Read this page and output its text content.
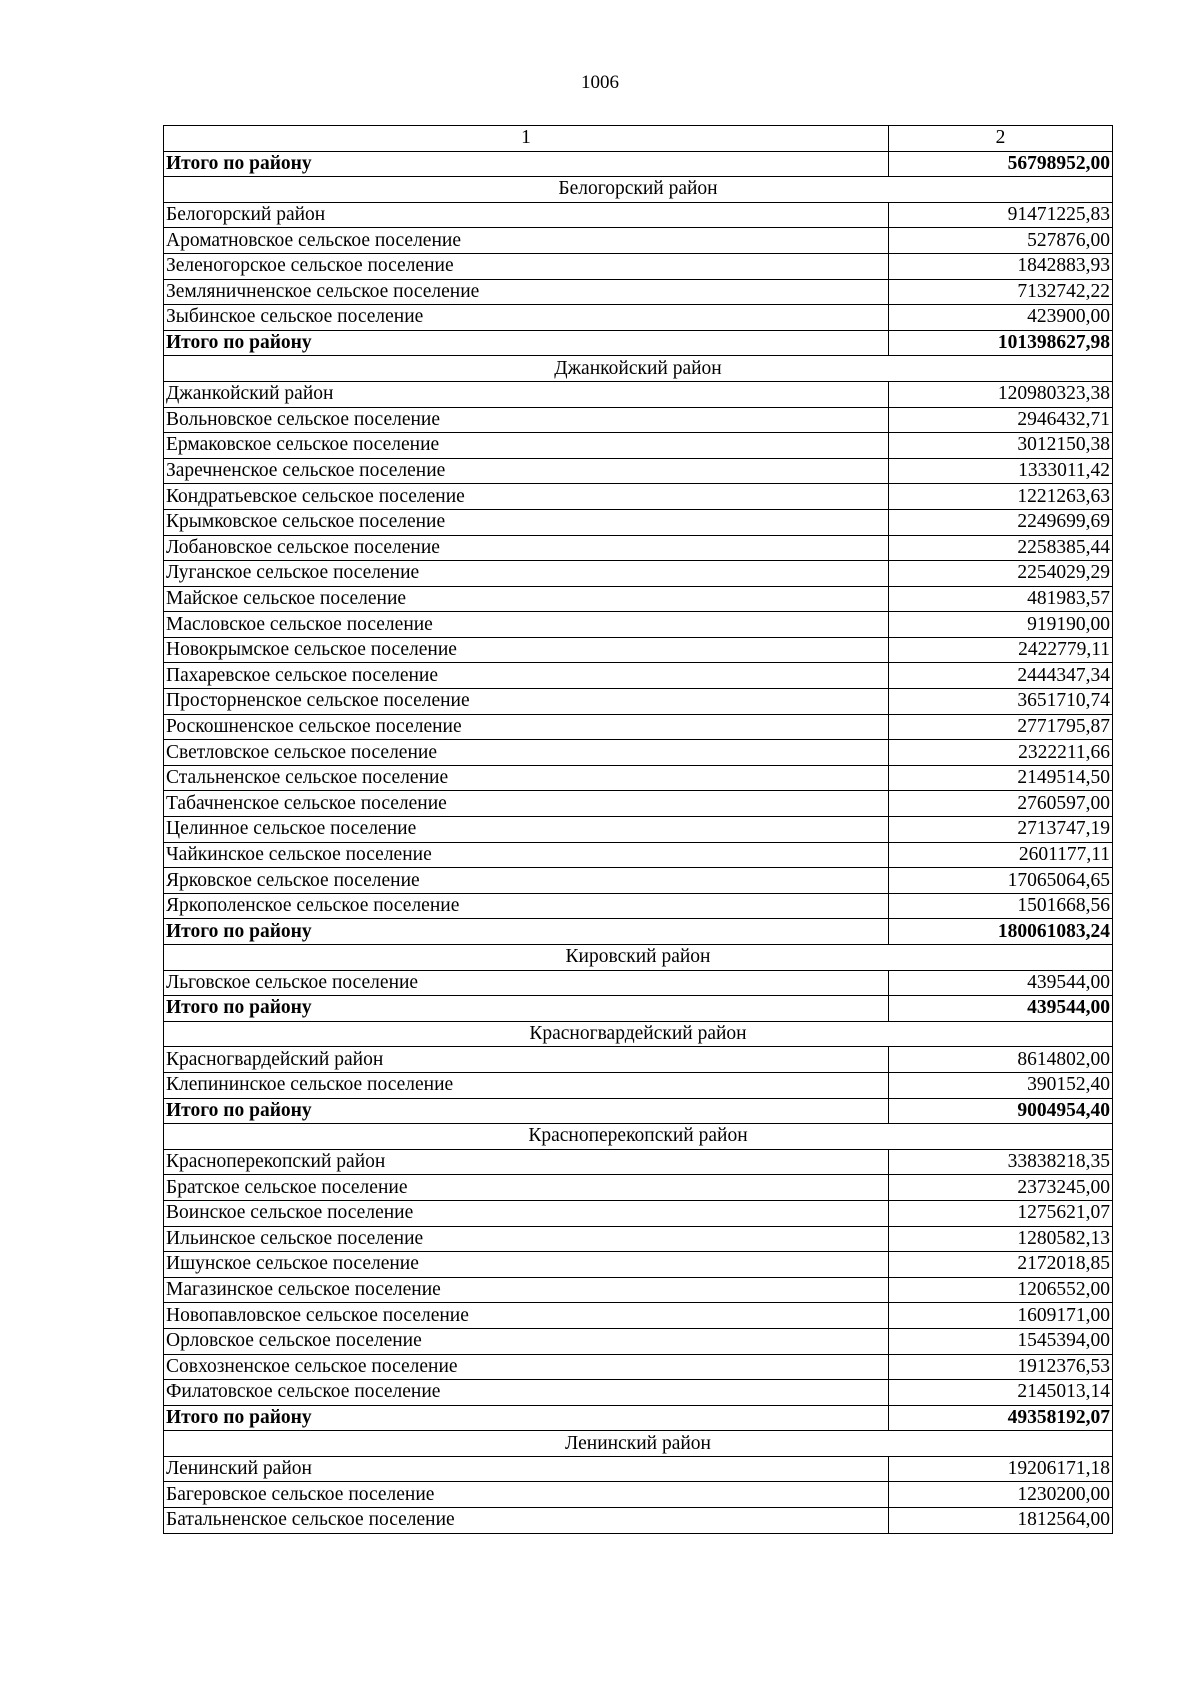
1006
1	2
Итого по району	56798952,00
Белогорский район	
Белогорский район	91471225,83
Ароматновское сельское поселение	527876,00
Зеленогорское сельское поселение	1842883,93
Земляничненское сельское поселение	7132742,22
Зыбинское сельское поселение	423900,00
Итого по району	101398627,98
Джанкойский район	
Джанкойский район	120980323,38
Вольновское сельское поселение	2946432,71
Ермаковское сельское поселение	3012150,38
Заречненское сельское поселение	1333011,42
Кондратьевское сельское поселение	1221263,63
Крымковское сельское поселение	2249699,69
Лобановское сельское поселение	2258385,44
Луганское сельское поселение	2254029,29
Майское сельское поселение	481983,57
Масловское сельское поселение	919190,00
Новокрымское сельское поселение	2422779,11
Пахаревское сельское поселение	2444347,34
Просторненское сельское поселение	3651710,74
Роскошненское сельское поселение	2771795,87
Светловское сельское поселение	2322211,66
Стальненское сельское поселение	2149514,50
Табачненское сельское поселение	2760597,00
Целинное сельское поселение	2713747,19
Чайкинское сельское поселение	2601177,11
Ярковское сельское поселение	17065064,65
Яркополенское сельское поселение	1501668,56
Итого по району	180061083,24
Кировский район	
Льговское сельское поселение	439544,00
Итого по району	439544,00
Красногвардейский район	
Красногвардейский район	8614802,00
Клепининское сельское поселение	390152,40
Итого по району	9004954,40
Красноперекопский район	
Красноперекопский район	33838218,35
Братское сельское поселение	2373245,00
Воинское сельское поселение	1275621,07
Ильинское сельское поселение	1280582,13
Ишунское сельское поселение	2172018,85
Магазинское сельское поселение	1206552,00
Новопавловское сельское поселение	1609171,00
Орловское сельское поселение	1545394,00
Совхозненское сельское поселение	1912376,53
Филатовское сельское поселение	2145013,14
Итого по району	49358192,07
Ленинский район	
Ленинский район	19206171,18
Багеровское сельское поселение	1230200,00
Батальненское сельское поселение	1812564,00
